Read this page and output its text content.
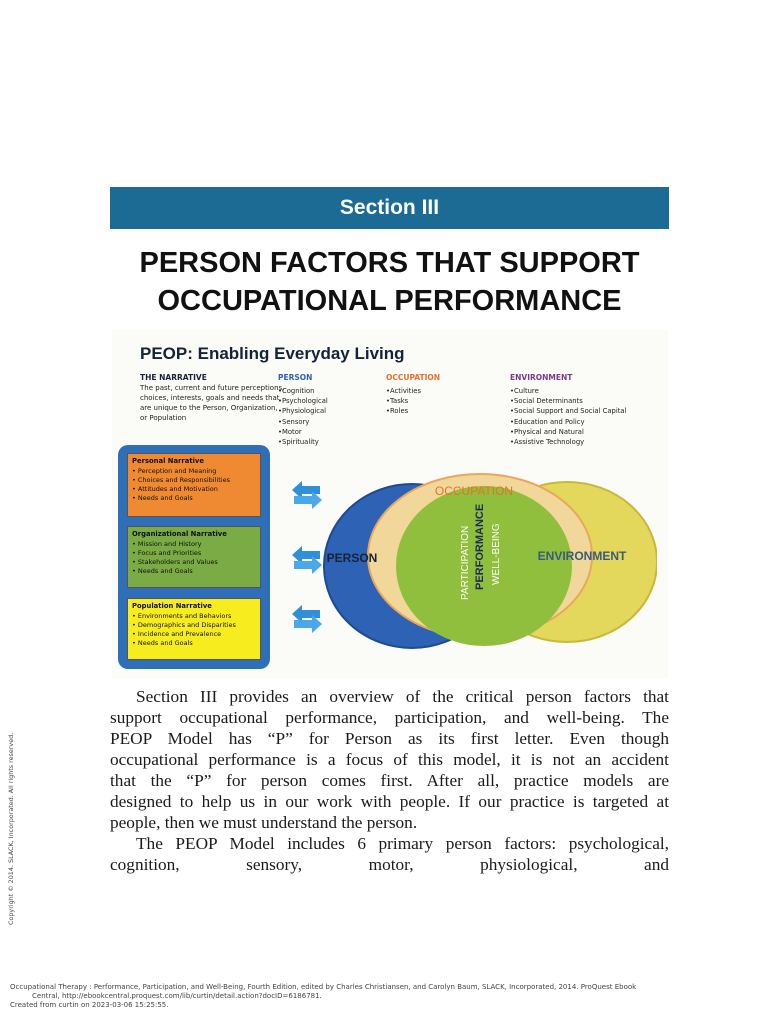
Section III
PERSON FACTORS THAT SUPPORT
OCCUPATIONAL PERFORMANCE
PEOP: Enabling Everyday Living
THE NARRATIVE
The past, current and future perceptions, choices, interests, goals and needs that are unique to the Person, Organization, or Population
PERSON
•Cognition
•Psychological
•Physiological
•Sensory
•Motor
•Spirituality
OCCUPATION
•Activities
•Tasks
•Roles
ENVIRONMENT
•Culture
•Social Determinants
•Social Support and Social Capital
•Education and Policy
•Physical and Natural
•Assistive Technology
Personal Narrative
• Perception and Meaning
• Choices and Responsibilities
• Attitudes and Motivation
• Needs and Goals
Organizational Narrative
• Mission and History
• Focus and Priorities
• Stakeholders and Values
• Needs and Goals
Population Narrative
• Environments and Behaviors
• Demographics and Disparities
• Incidence and Prevalence
• Needs and Goals
OCCUPATION
PERSON	ENVIRONMENT
PARTICIPATION PERFORMANCE WELL-BEING

Section III provides an overview of the critical person factors that

support occupational performance, participation, and well-being. The

PEOP Model has “P” for Person as its first letter. Even though

occupational performance is a focus of this model, it is not an accident

that the “P” for person comes first. After all, practice models are

designed to help us in our work with people. If our practice is targeted at

people, then we must understand the person.

The PEOP Model includes 6 primary person factors: psychological,

cognition, sensory, motor, physiological, and

Copyright © 2014. SLACK, Incorporated. All rights reserved.
Occupational Therapy : Performance, Participation, and Well-Being, Fourth Edition, edited by Charles Christiansen, and Carolyn Baum, SLACK, Incorporated, 2014. ProQuest Ebook
Central, http://ebookcentral.proquest.com/lib/curtin/detail.action?docID=6186781.
Created from curtin on 2023-03-06 15:25:55.
